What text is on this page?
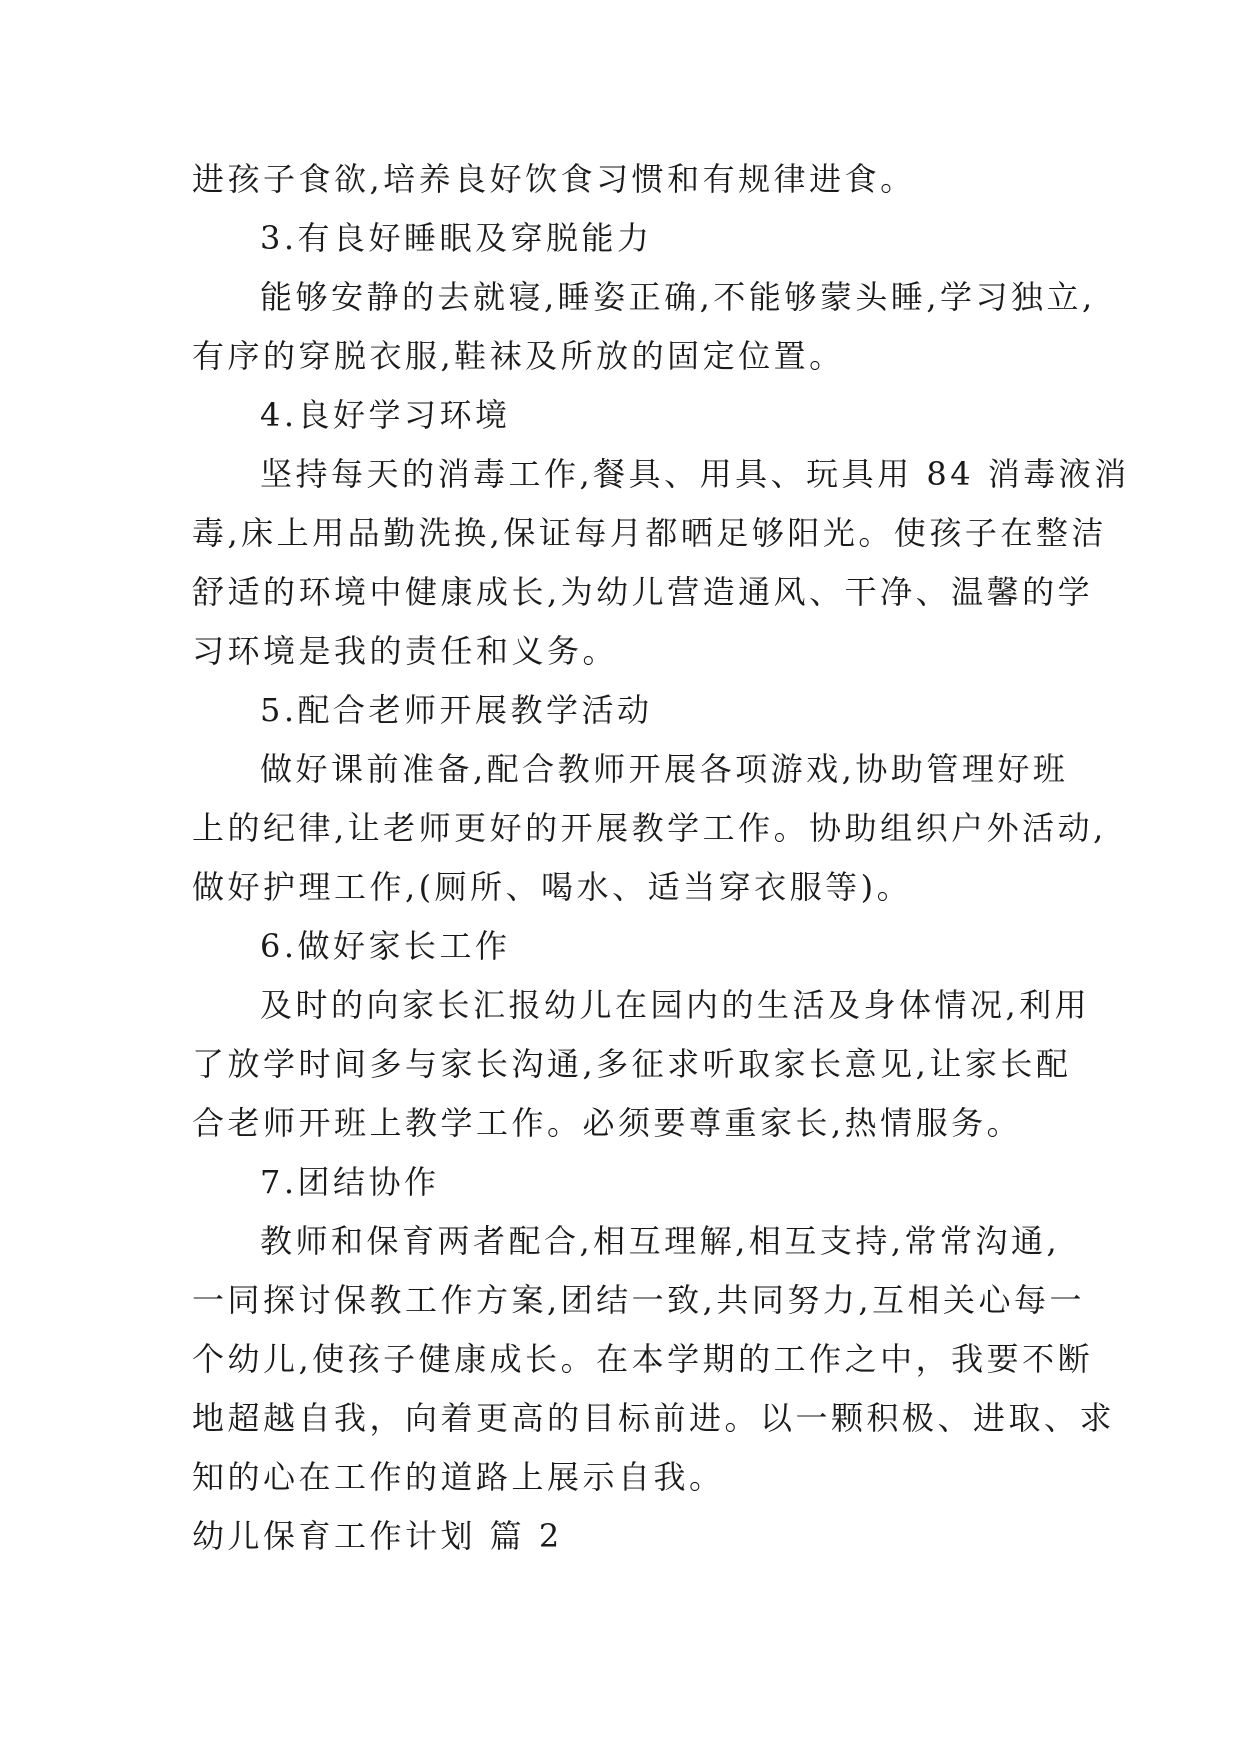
进孩子食欲,培养良好饮食习惯和有规律进食。
3.有良好睡眠及穿脱能力
能够安静的去就寝,睡姿正确,不能够蒙头睡,学习独立,
有序的穿脱衣服,鞋袜及所放的固定位置。
4.良好学习环境
坚持每天的消毒工作,餐具、用具、玩具用 84 消毒液消
毒,床上用品勤洗换,保证每月都晒足够阳光。使孩子在整洁
舒适的环境中健康成长,为幼儿营造通风、干净、温馨的学
习环境是我的责任和义务。
5.配合老师开展教学活动
做好课前准备,配合教师开展各项游戏,协助管理好班
上的纪律,让老师更好的开展教学工作。协助组织户外活动,
做好护理工作,(厕所、喝水、适当穿衣服等)。
6.做好家长工作
及时的向家长汇报幼儿在园内的生活及身体情况,利用
了放学时间多与家长沟通,多征求听取家长意见,让家长配
合老师开班上教学工作。必须要尊重家长,热情服务。
7.团结协作
教师和保育两者配合,相互理解,相互支持,常常沟通,
一同探讨保教工作方案,团结一致,共同努力,互相关心每一
个幼儿,使孩子健康成长。在本学期的工作之中，我要不断
地超越自我，向着更高的目标前进。以一颗积极、进取、求
知的心在工作的道路上展示自我。
幼儿保育工作计划 篇 2
